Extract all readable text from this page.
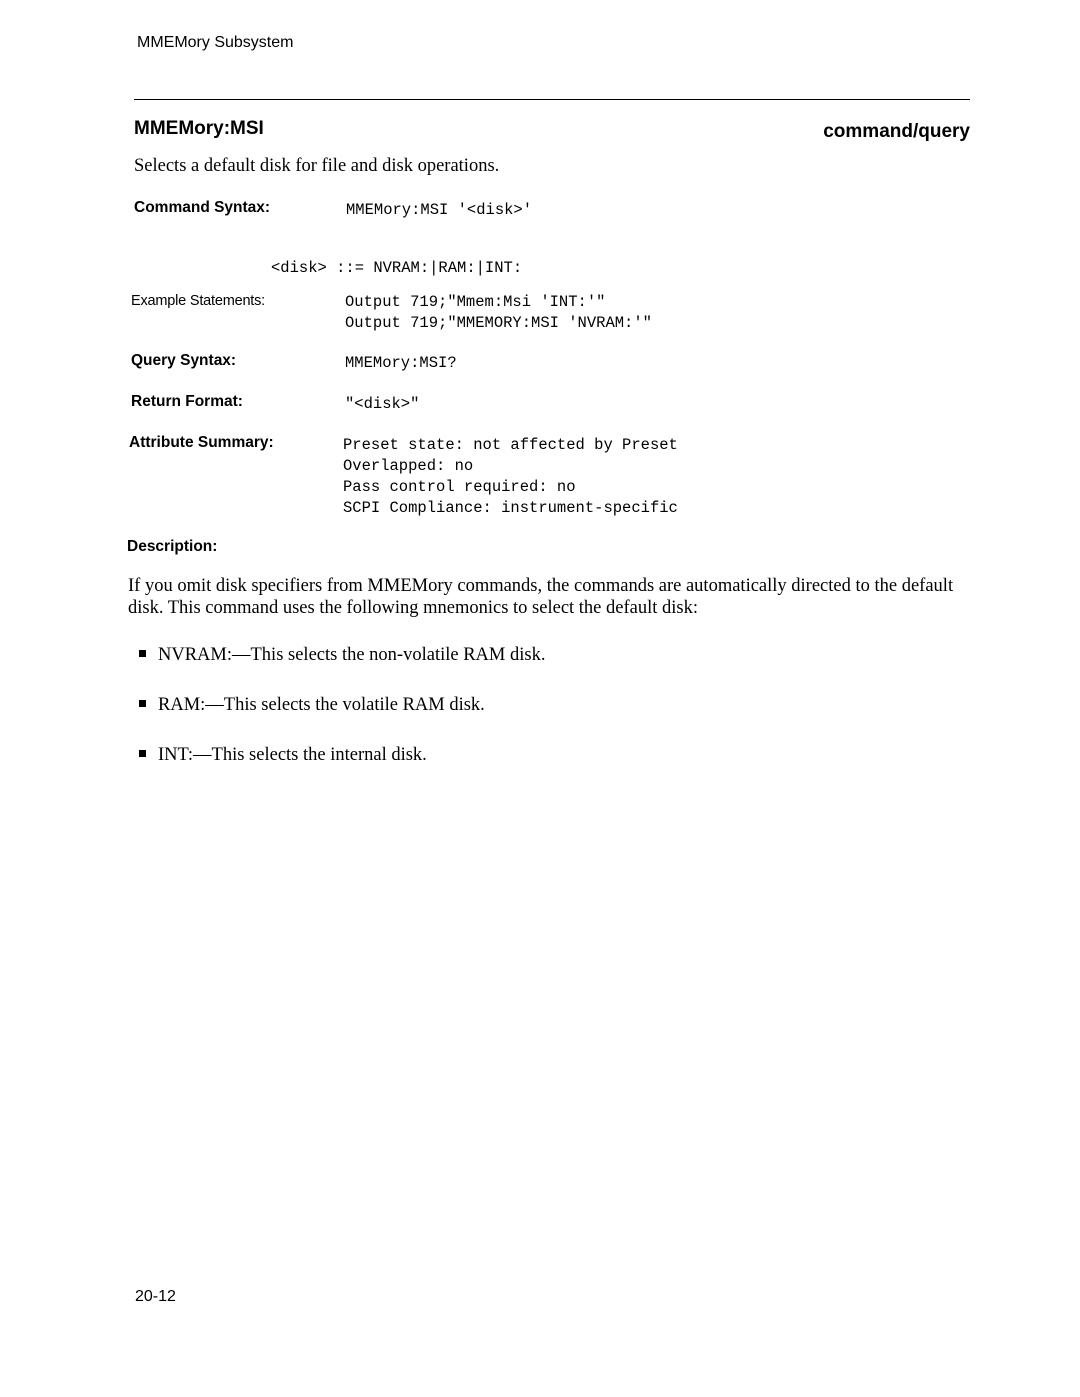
MMEMory Subsystem
MMEMory:MSI	command/query
Selects a default disk for file and disk operations.
Command Syntax:	MMEMory:MSI '<disk>'
<disk> ::= NVRAM:|RAM:|INT:
Example Statements:	Output 719;"Mmem:Msi 'INT:'"
Output 719;"MMEMORY:MSI 'NVRAM:'"
Query Syntax:	MMEMory:MSI?
Return Format:	"<disk>"
Attribute Summary:	Preset state: not affected by Preset
Overlapped: no
Pass control required: no
SCPI Compliance: instrument-specific
Description:
If you omit disk specifiers from MMEMory commands, the commands are automatically directed to the default disk. This command uses the following mnemonics to select the default disk:
NVRAM:—This selects the non-volatile RAM disk.
RAM:—This selects the volatile RAM disk.
INT:—This selects the internal disk.
20-12
